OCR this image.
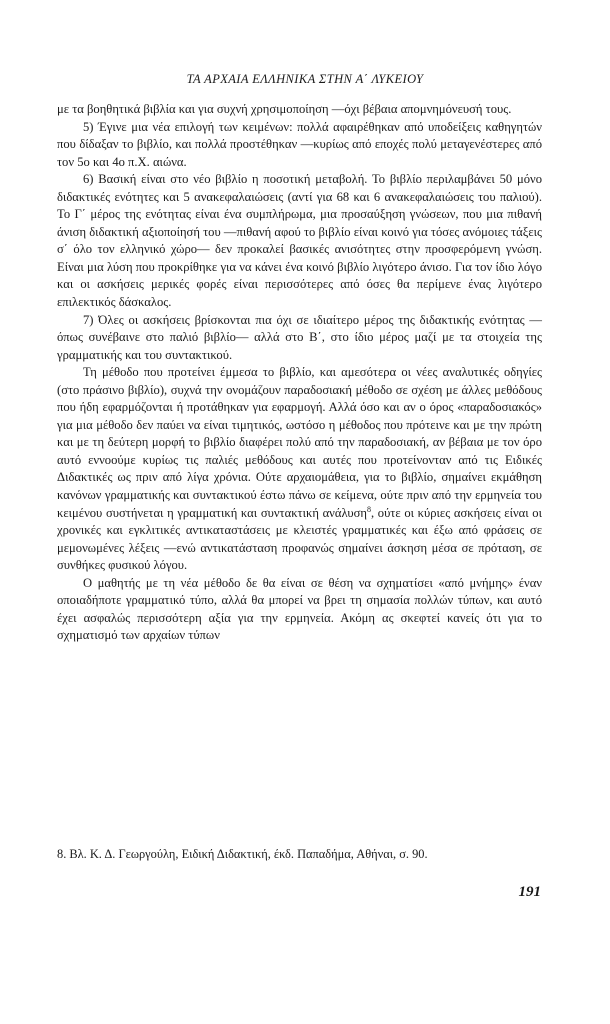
ΤΑ ΑΡΧΑΙΑ ΕΛΛΗΝΙΚΑ ΣΤΗΝ Α΄ ΛΥΚΕΙΟΥ

με τα βοηθητικά βιβλία και για συχνή χρησιμοποίηση —όχι βέβαια απομνημόνευσή τους.

5) Έγινε μια νέα επιλογή των κειμένων: πολλά αφαιρέθηκαν από υποδείξεις καθηγητών που δίδαξαν το βιβλίο, και πολλά προστέθηκαν —κυρίως από εποχές πολύ μεταγενέστερες από τον 5ο και 4ο π.Χ. αιώνα.

6) Βασική είναι στο νέο βιβλίο η ποσοτική μεταβολή. Το βιβλίο περιλαμβάνει 50 μόνο διδακτικές ενότητες και 5 ανακεφαλαιώσεις (αντί για 68 και 6 ανακεφαλαιώσεις του παλιού). Το Γ΄ μέρος της ενότητας είναι ένα συμπλήρωμα, μια προσαύξηση γνώσεων, που μια πιθανή άνιση διδακτική αξιοποίησή του —πιθανή αφού το βιβλίο είναι κοινό για τόσες ανόμοιες τάξεις σ΄ όλο τον ελληνικό χώρο— δεν προκαλεί βασικές ανισότητες στην προσφερόμενη γνώση. Είναι μια λύση που προκρίθηκε για να κάνει ένα κοινό βιβλίο λιγότερο άνισο. Για τον ίδιο λόγο και οι ασκήσεις μερικές φορές είναι περισσότερες από όσες θα περίμενε ένας λιγότερο επιλεκτικός δάσκαλος.

7) Όλες οι ασκήσεις βρίσκονται πια όχι σε ιδιαίτερο μέρος της διδακτικής ενότητας —όπως συνέβαινε στο παλιό βιβλίο— αλλά στο Β΄, στο ίδιο μέρος μαζί με τα στοιχεία της γραμματικής και του συντακτικού.

Τη μέθοδο που προτείνει έμμεσα το βιβλίο, και αμεσότερα οι νέες αναλυτικές οδηγίες (στο πράσινο βιβλίο), συχνά την ονομάζουν παραδοσιακή μέθοδο σε σχέση με άλλες μεθόδους που ήδη εφαρμόζονται ή προτάθηκαν για εφαρμογή. Αλλά όσο και αν ο όρος «παραδοσιακός» για μια μέθοδο δεν παύει να είναι τιμητικός, ωστόσο η μέθοδος που πρότεινε και με την πρώτη και με τη δεύτερη μορφή το βιβλίο διαφέρει πολύ από την παραδοσιακή, αν βέβαια με τον όρο αυτό εννοούμε κυρίως τις παλιές μεθόδους και αυτές που προτείνονταν από τις Ειδικές Διδακτικές ως πριν από λίγα χρόνια. Ούτε αρχαιομάθεια, για το βιβλίο, σημαίνει εκμάθηση κανόνων γραμματικής και συντακτικού έστω πάνω σε κείμενα, ούτε πριν από την ερμηνεία του κειμένου συστήνεται η γραμματική και συντακτική ανάλυση$^8$, ούτε οι κύριες ασκήσεις είναι οι χρονικές και εγκλιτικές αντικαταστάσεις με κλειστές γραμματικές και έξω από φράσεις σε μεμονωμένες λέξεις —ενώ αντικατάσταση προφανώς σημαίνει άσκηση μέσα σε πρόταση, σε συνθήκες φυσικού λόγου.

Ο μαθητής με τη νέα μέθοδο δε θα είναι σε θέση να σχηματίσει «από μνήμης» έναν οποιαδήποτε γραμματικό τύπο, αλλά θα μπορεί να βρει τη σημασία πολλών τύπων, και αυτό έχει ασφαλώς περισσότερη αξία για την ερμηνεία. Ακόμη ας σκεφτεί κανείς ότι για το σχηματισμό των αρχαίων τύπων

8. Βλ. Κ. Δ. Γεωργούλη, Ειδική Διδακτική, έκδ. Παπαδήμα, Αθήναι, σ. 90.
191
